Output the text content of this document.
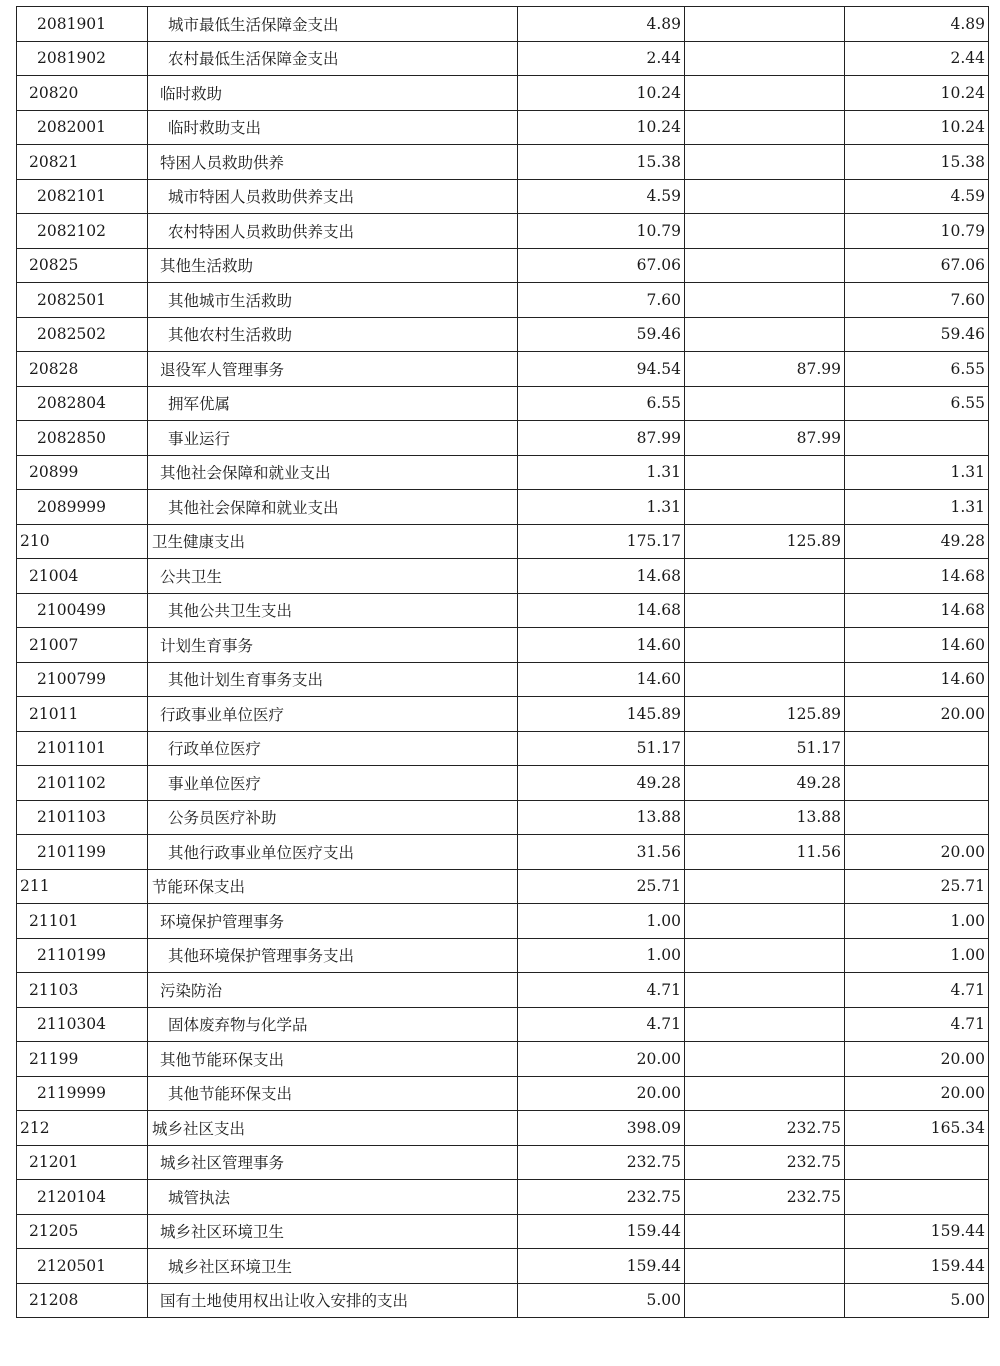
2081901	城市最低生活保障金支出	4.89		4.89
2081902	农村最低生活保障金支出	2.44		2.44
20820	临时救助	10.24		10.24
2082001	临时救助支出	10.24		10.24
20821	特困人员救助供养	15.38		15.38
2082101	城市特困人员救助供养支出	4.59		4.59
2082102	农村特困人员救助供养支出	10.79		10.79
20825	其他生活救助	67.06		67.06
2082501	其他城市生活救助	7.60		7.60
2082502	其他农村生活救助	59.46		59.46
20828	退役军人管理事务	94.54	87.99	6.55
2082804	拥军优属	6.55		6.55
2082850	事业运行	87.99	87.99	
20899	其他社会保障和就业支出	1.31		1.31
2089999	其他社会保障和就业支出	1.31		1.31
210	卫生健康支出	175.17	125.89	49.28
21004	公共卫生	14.68		14.68
2100499	其他公共卫生支出	14.68		14.68
21007	计划生育事务	14.60		14.60
2100799	其他计划生育事务支出	14.60		14.60
21011	行政事业单位医疗	145.89	125.89	20.00
2101101	行政单位医疗	51.17	51.17	
2101102	事业单位医疗	49.28	49.28	
2101103	公务员医疗补助	13.88	13.88	
2101199	其他行政事业单位医疗支出	31.56	11.56	20.00
211	节能环保支出	25.71		25.71
21101	环境保护管理事务	1.00		1.00
2110199	其他环境保护管理事务支出	1.00		1.00
21103	污染防治	4.71		4.71
2110304	固体废弃物与化学品	4.71		4.71
21199	其他节能环保支出	20.00		20.00
2119999	其他节能环保支出	20.00		20.00
212	城乡社区支出	398.09	232.75	165.34
21201	城乡社区管理事务	232.75	232.75	
2120104	城管执法	232.75	232.75	
21205	城乡社区环境卫生	159.44		159.44
2120501	城乡社区环境卫生	159.44		159.44
21208	国有土地使用权出让收入安排的支出	5.00		5.00
